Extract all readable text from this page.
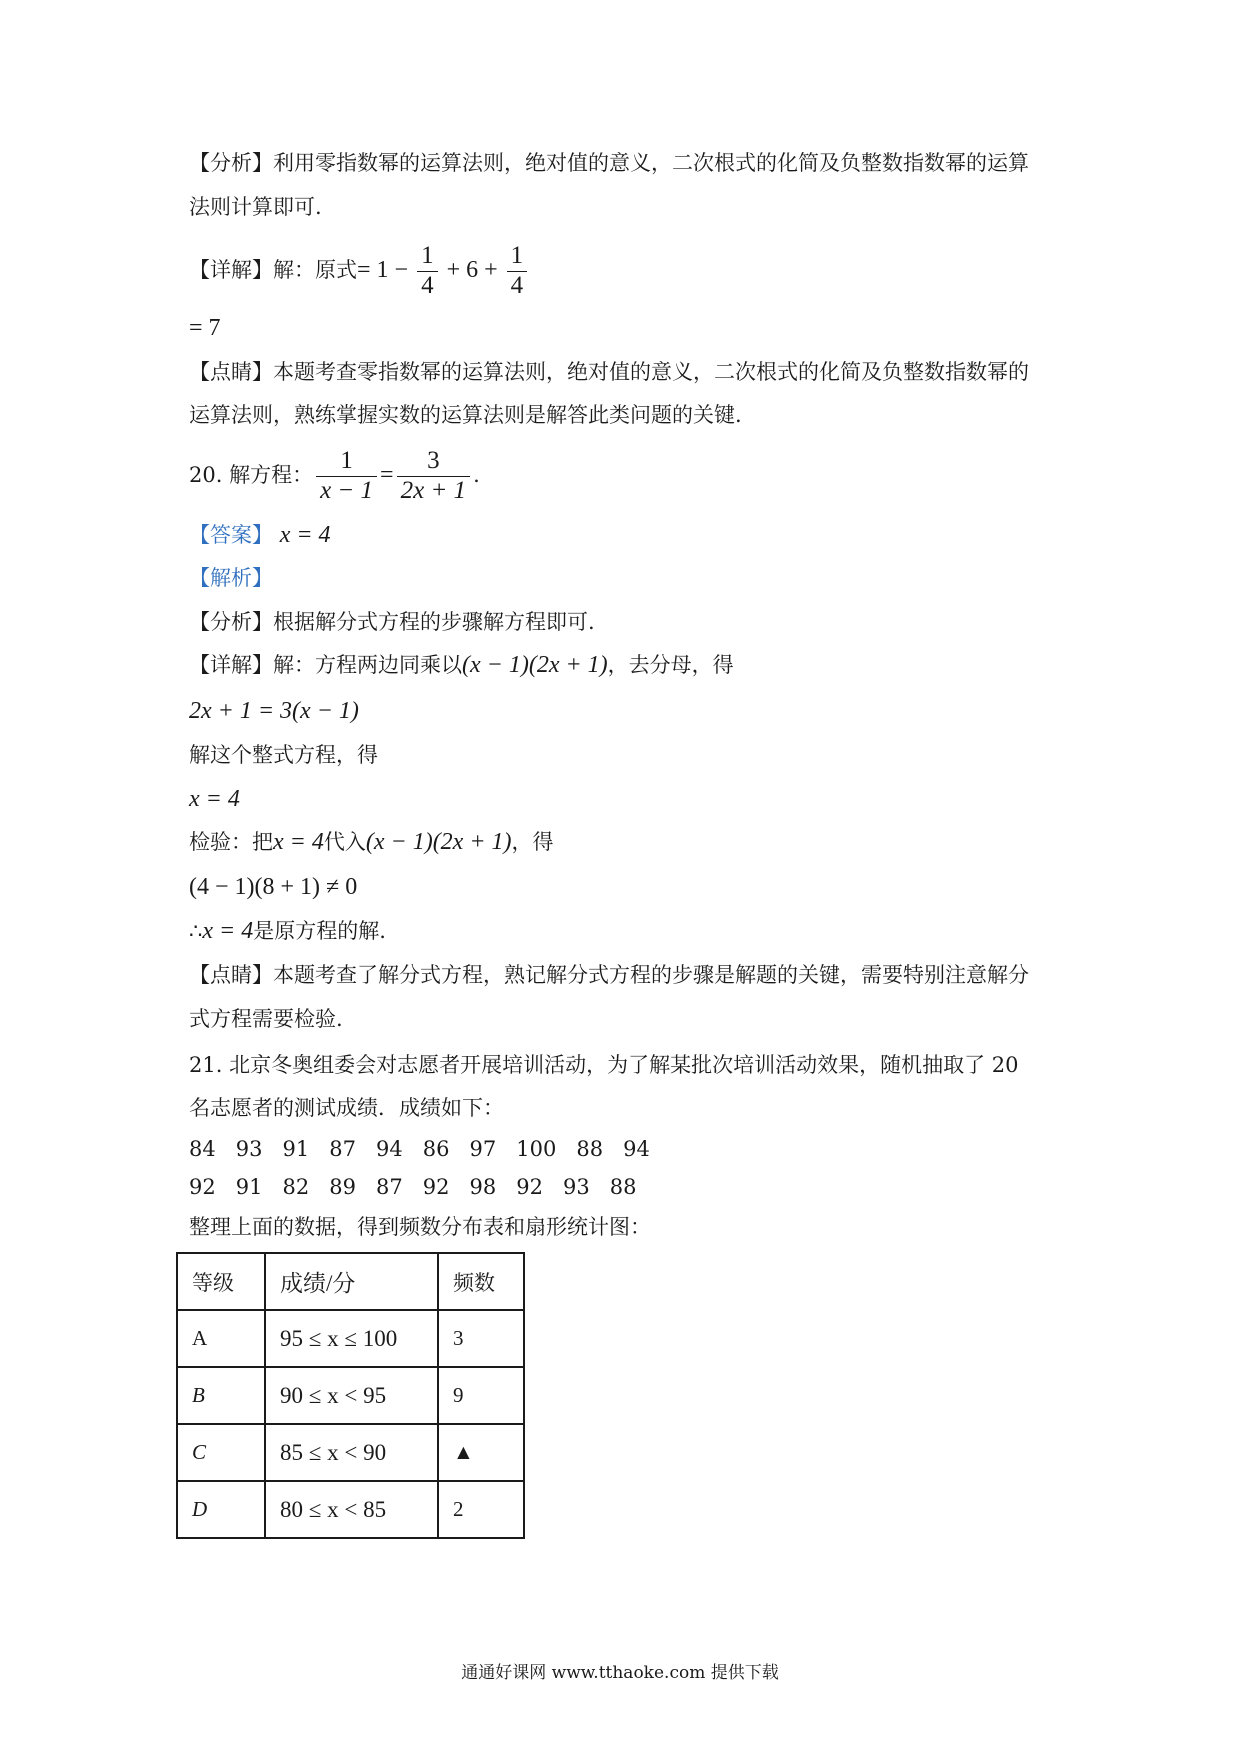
【分析】利用零指数幂的运算法则，绝对值的意义，二次根式的化简及负整数指数幂的运算
法则计算即可.
【详解】解：原式= $1 - \frac{1}{4} + 6 + \frac{1}{4}$
= 7
【点睛】本题考查零指数幂的运算法则，绝对值的意义，二次根式的化简及负整数指数幂的
运算法则，熟练掌握实数的运算法则是解答此类问题的关键.
20. 解方程： $\frac{1}{x - 1} = \frac{3}{2x + 1}$ .
【答案】 x = 4
【解析】
【分析】根据解分式方程的步骤解方程即可.
【详解】解：方程两边同乘以(x − 1)(2x + 1)，去分母，得
2x + 1 = 3(x − 1)
解这个整式方程，得
x = 4
检验：把x = 4代入(x − 1)(2x + 1)，得
(4 − 1)(8 + 1) ≠ 0
∴x = 4是原方程的解.
【点睛】本题考查了解分式方程，熟记解分式方程的步骤是解题的关键，需要特别注意解分
式方程需要检验.
21. 北京冬奥组委会对志愿者开展培训活动，为了解某批次培训活动效果，随机抽取了 20
名志愿者的测试成绩．成绩如下：
84   93   91   87   94   86   97   100   88   94
92   91   82   89   87   92   98   92   93   88
整理上面的数据，得到频数分布表和扇形统计图：
等级	成绩/分	频数
A	95 ≤ x ≤ 100	3
B	90 ≤ x < 95	9
C	85 ≤ x < 90	▲
D	80 ≤ x < 85	2
通通好课网 www.tthaoke.com 提供下载
